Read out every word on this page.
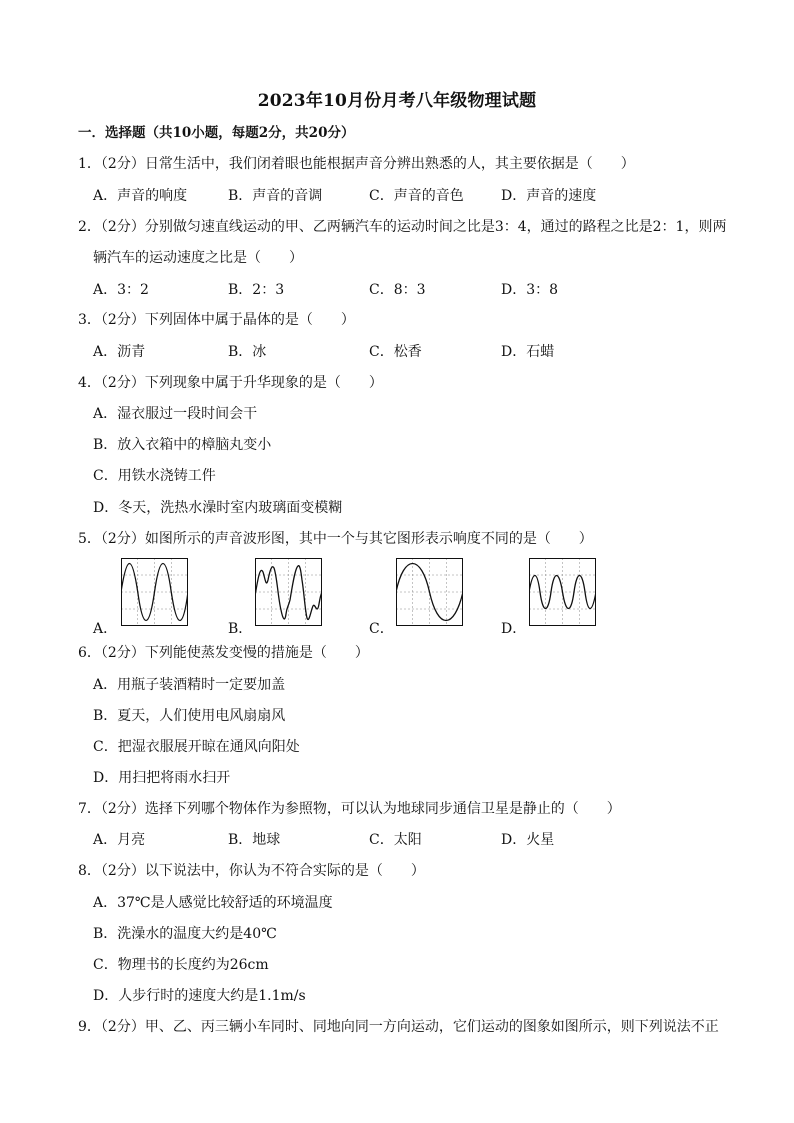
2023年10月份月考八年级物理试题
一．选择题（共10小题，每题2分，共20分）
1．（2分）日常生活中，我们闭着眼也能根据声音分辨出熟悉的人，其主要依据是（　　）
A．声音的响度	B．声音的音调	C．声音的音色	D．声音的速度
2．（2分）分别做匀速直线运动的甲、乙两辆汽车的运动时间之比是3：4，通过的路程之比是2：1，则两
辆汽车的运动速度之比是（　　）
A．3：2	B．2：3	C．8：3	D．3：8
3．（2分）下列固体中属于晶体的是（　　）
A．沥青	B．冰	C．松香	D．石蜡
4．（2分）下列现象中属于升华现象的是（　　）
A．湿衣服过一段时间会干
B．放入衣箱中的樟脑丸变小
C．用铁水浇铸工件
D．冬天，洗热水澡时室内玻璃面变模糊
5．（2分）如图所示的声音波形图，其中一个与其它图形表示响度不同的是（　　）
A．	B．	C．	D．
6．（2分）下列能使蒸发变慢的措施是（　　）
A．用瓶子装酒精时一定要加盖
B．夏天，人们使用电风扇扇风
C．把湿衣服展开晾在通风向阳处
D．用扫把将雨水扫开
7．（2分）选择下列哪个物体作为参照物，可以认为地球同步通信卫星是静止的（　　）
A．月亮	B．地球	C．太阳	D．火星
8．（2分）以下说法中，你认为不符合实际的是（　　）
A．37℃是人感觉比较舒适的环境温度
B．洗澡水的温度大约是40℃
C．物理书的长度约为26cm
D．人步行时的速度大约是1.1m/s
9．（2分）甲、乙、丙三辆小车同时、同地向同一方向运动，它们运动的图象如图所示，则下列说法不正
